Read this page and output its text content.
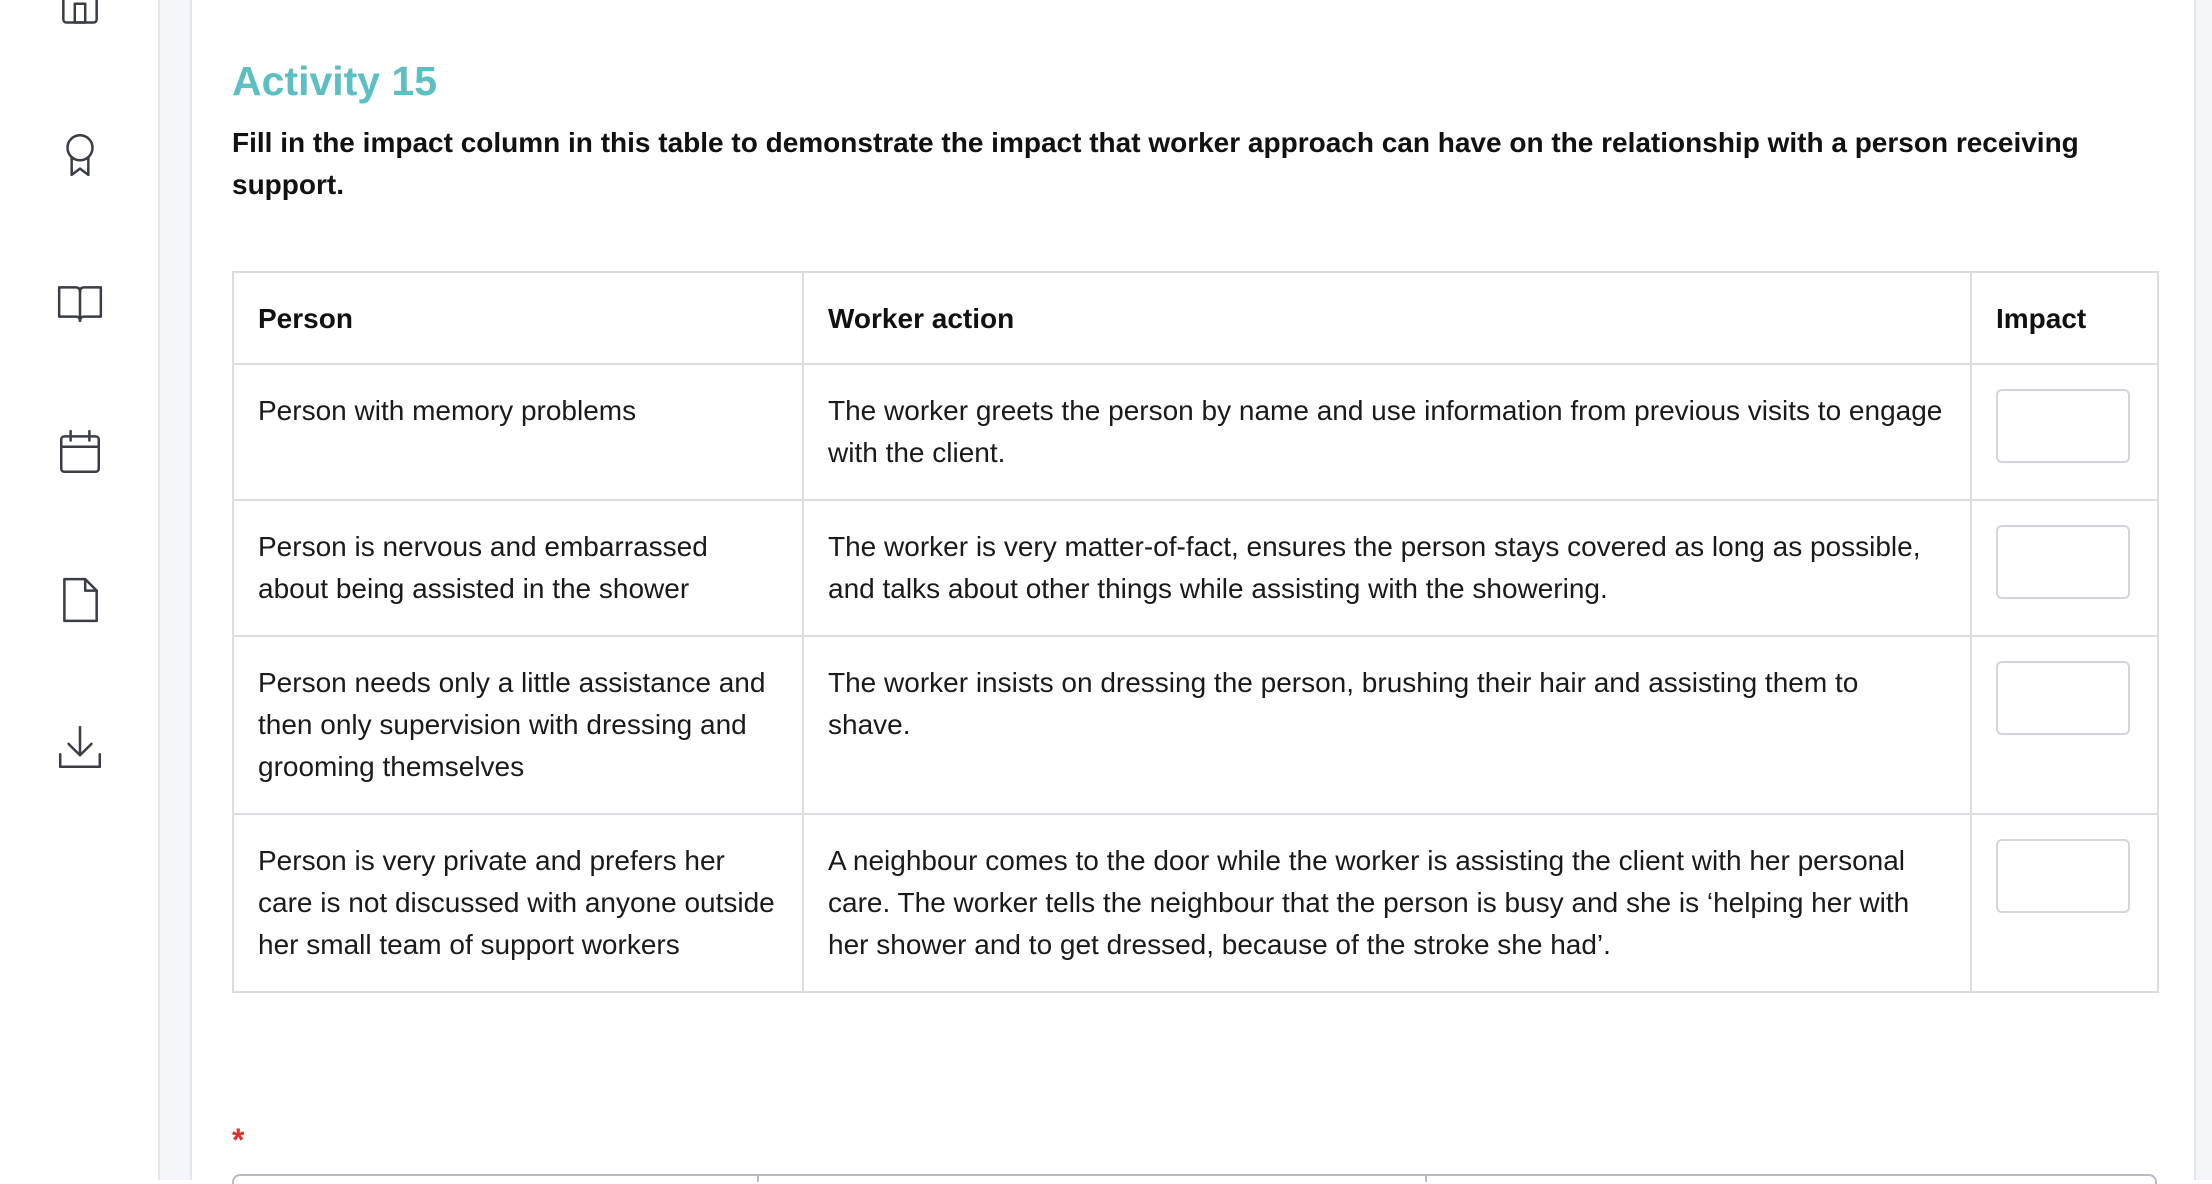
Activity 15

Fill in the impact column in this table to demonstrate the impact that worker approach can have on the relationship with a person receiving support.

Person	Worker action	Impact
Person with memory problems	The worker greets the person by name and use information from previous visits to engage with the client.	

Person is nervous and embarrassed about being assisted in the shower	The worker is very matter-of-fact, ensures the person stays covered as long as possible, and talks about other things while assisting with the showering.	

Person needs only a little assistance and then only supervision with dressing and grooming themselves	The worker insists on dressing the person, brushing their hair and assisting them to shave.	

Person is very private and prefers her care is not discussed with anyone outside her small team of support workers	A neighbour comes to the door while the worker is assisting the client with her personal care. The worker tells the neighbour that the person is busy and she is ‘helping her with her shower and to get dressed, because of the stroke she had’.	
*
